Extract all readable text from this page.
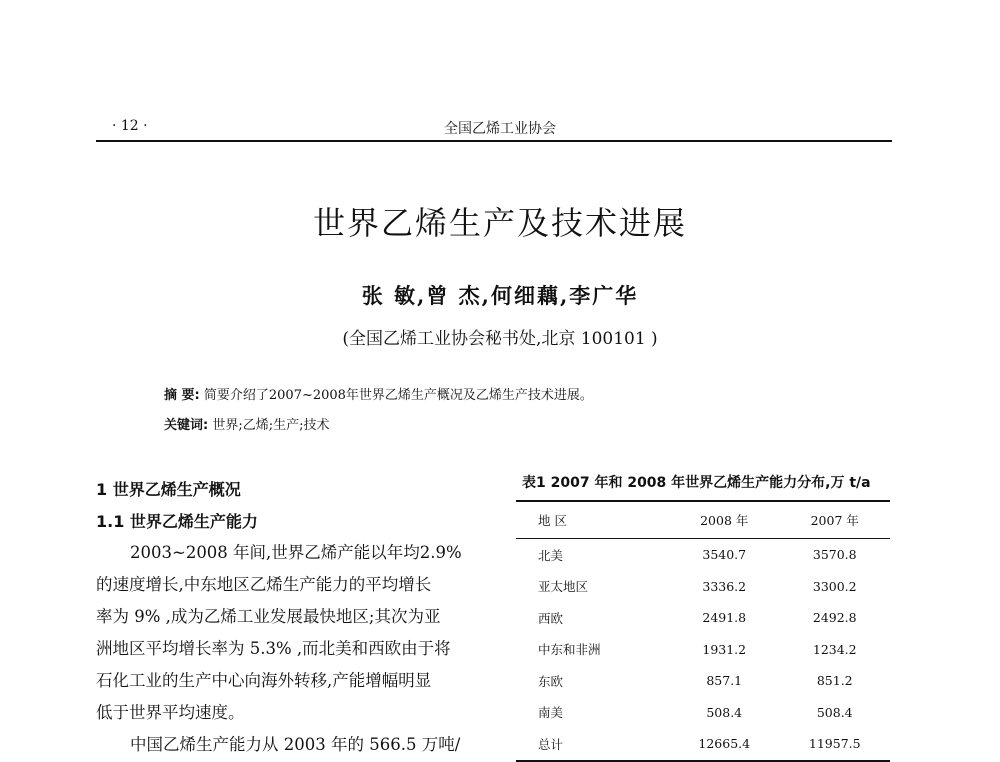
· 12 ·	全国乙烯工业协会
世界乙烯生产及技术进展
张 敏,曾 杰,何细藕,李广华
(全国乙烯工业协会秘书处,北京 100101 )
摘 要: 简要介绍了2007~2008年世界乙烯生产概况及乙烯生产技术进展。
关键词: 世界;乙烯;生产;技术
1 世界乙烯生产概况
1.1 世界乙烯生产能力
2003~2008 年间,世界乙烯产能以年均2.9%
的速度增长,中东地区乙烯生产能力的平均增长
率为 9% ,成为乙烯工业发展最快地区;其次为亚
洲地区平均增长率为 5.3% ,而北美和西欧由于将
石化工业的生产中心向海外转移,产能增幅明显
低于世界平均速度。
中国乙烯生产能力从 2003 年的 566.5 万吨/
表1 2007 年和 2008 年世界乙烯生产能力分布,万 t/a
地 区	2008 年	2007 年
北美	3540.7	3570.8
亚太地区	3336.2	3300.2
西欧	2491.8	2492.8
中东和非洲	1931.2	1234.2
东欧	857.1	851.2
南美	508.4	508.4
总计	12665.4	11957.5
